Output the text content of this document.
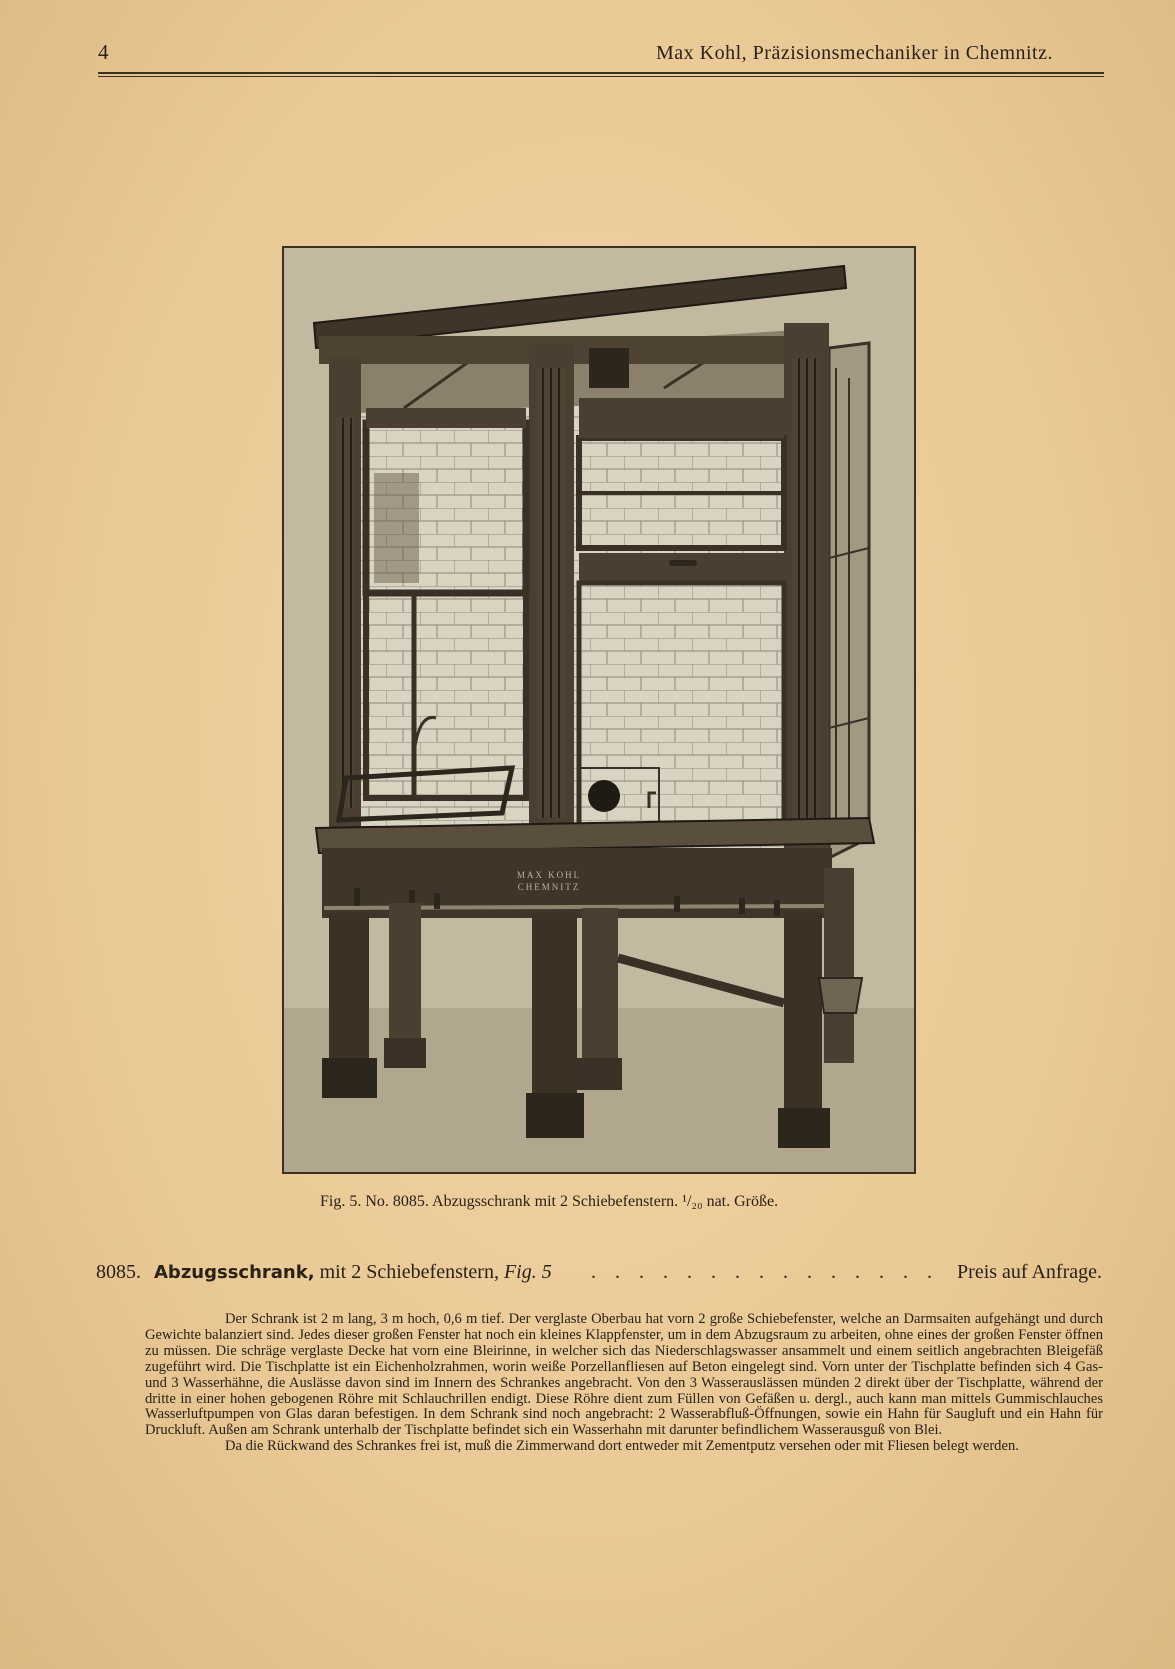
4	Max Kohl, Präzisionsmechaniker in Chemnitz.
MAX KOHL
CHEMNITZ
Fig. 5. No. 8085. Abzugsschrank mit 2 Schiebefenstern. ¹/₂₀ nat. Größe.
8085. Abzugsschrank, mit 2 Schiebefenstern, Fig. 5 . . . . . . . . . . . . . . . Preis auf Anfrage.

Der Schrank ist 2 m lang, 3 m hoch, 0,6 m tief. Der verglaste Oberbau hat vorn 2 große Schiebefenster, welche an Darmsaiten aufgehängt und durch Gewichte balanziert sind. Jedes dieser großen Fenster hat noch ein kleines Klappfenster, um in dem Abzugsraum zu arbeiten, ohne eines der großen Fenster öffnen zu müssen. Die schräge verglaste Decke hat vorn eine Bleirinne, in welcher sich das Niederschlagswasser ansammelt und einem seitlich angebrachten Bleigefäß zugeführt wird. Die Tischplatte ist ein Eichenholzrahmen, worin weiße Porzellanfliesen auf Beton eingelegt sind. Vorn unter der Tischplatte befinden sich 4 Gas- und 3 Wasserhähne, die Auslässe davon sind im Innern des Schrankes angebracht. Von den 3 Wasserauslässen münden 2 direkt über der Tischplatte, während der dritte in einer hohen gebogenen Röhre mit Schlauchrillen endigt. Diese Röhre dient zum Füllen von Gefäßen u. dergl., auch kann man mittels Gummischlauches Wasserluftpumpen von Glas daran befestigen. In dem Schrank sind noch angebracht: 2 Wasserabfluß-Öffnungen, sowie ein Hahn für Saugluft und ein Hahn für Druckluft. Außen am Schrank unterhalb der Tischplatte befindet sich ein Wasserhahn mit darunter befindlichem Wasserausguß von Blei.

Da die Rückwand des Schrankes frei ist, muß die Zimmerwand dort entweder mit Zementputz versehen oder mit Fliesen belegt werden.
